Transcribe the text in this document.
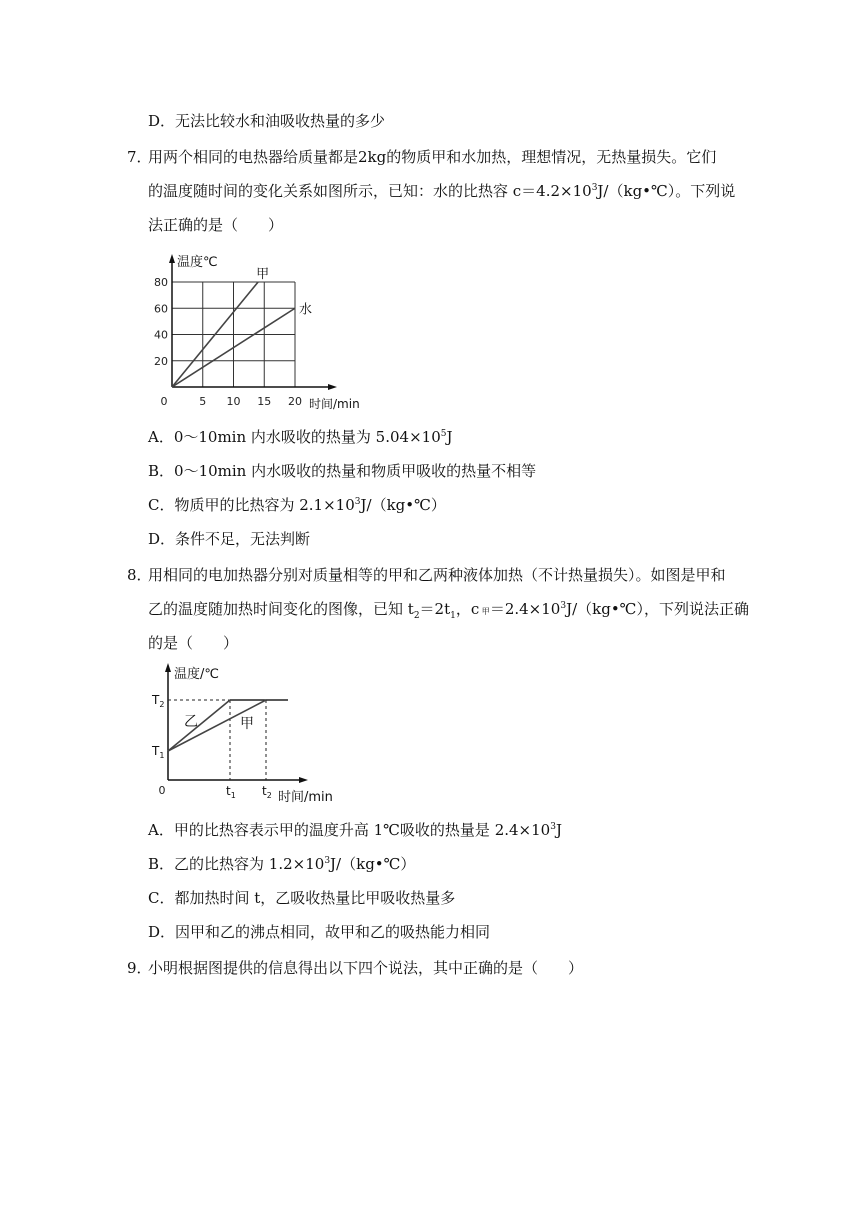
D．无法比较水和油吸收热量的多少
7．
用两个相同的电热器给质量都是2kg的物质甲和水加热，理想情况，无热量损失。它们
的温度随时间的变化关系如图所示，已知：水的比热容 $c=4.2\times 10^3J/(kg•℃)$。下列说
法正确的是（　　）
甲
水
5 10 15 20
20
40
60
80
0
温度℃
时间/min
A．0～10min 内水吸收的热量为 $5.04\times 10^5J$
B．0～10min 内水吸收的热量和物质甲吸收的热量不相等
C．物质甲的比热容为 $2.1\times 10^3J/(kg•℃)$
D．条件不足，无法判断
8．
用相同的电加热器分别对质量相等的甲和乙两种液体加热（不计热量损失）。如图是甲和
乙的温度随加热时间变化的图像，已知 $t_2=2t_1$，c 甲$=2.4\times 10^3J/(kg•℃)$，下列说法正确
的是（　　）
乙	甲
$T_2$
$T_1$
$t_1$ $t_2$
0
温度/℃
时间/min
A．甲的比热容表示甲的温度升高 1℃吸收的热量是 $2.4\times 10^3J$
B．乙的比热容为 $1.2\times 10^3J/(kg•℃)$
C．都加热时间 t，乙吸收热量比甲吸收热量多
D．因甲和乙的沸点相同，故甲和乙的吸热能力相同
9．
小明根据图提供的信息得出以下四个说法，其中正确的是（　　）
